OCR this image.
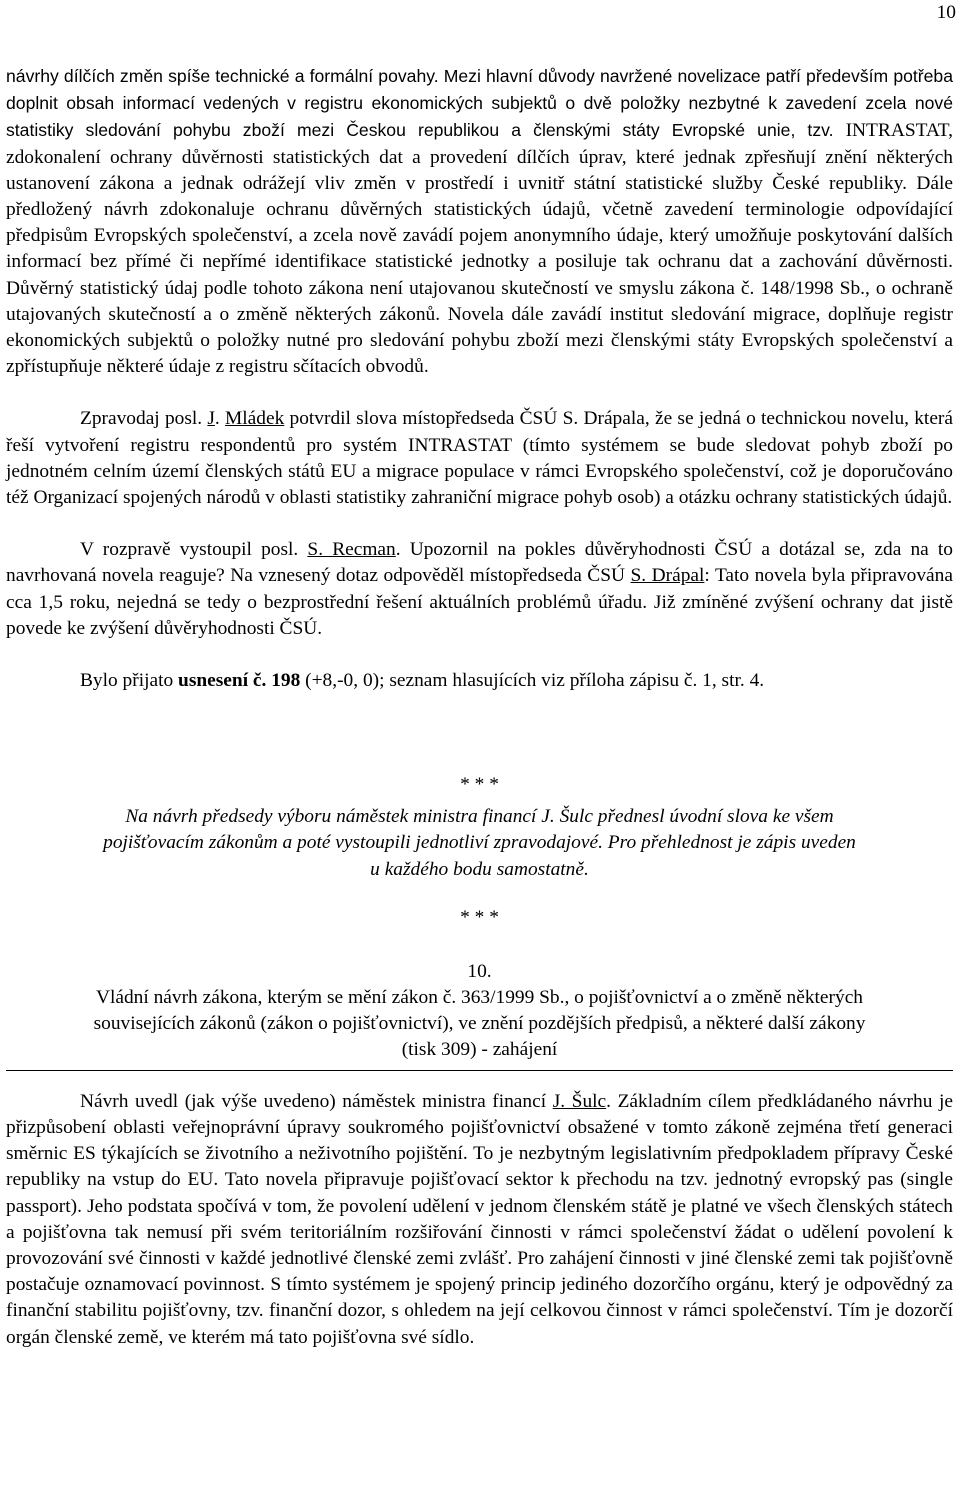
10

návrhy dílčích změn spíše technické a formální povahy. Mezi hlavní důvody navržené novelizace patří především potřeba doplnit obsah informací vedených v registru ekonomických subjektů o dvě položky nezbytné k zavedení zcela nové statistiky sledování pohybu zboží mezi Českou republikou a členskými státy Evropské unie, tzv. INTRASTAT, zdokonalení ochrany důvěrnosti statistických dat a provedení dílčích úprav, které jednak zpřesňují znění některých ustanovení zákona a jednak odrážejí vliv změn v prostředí i uvnitř státní statistické služby České republiky. Dále předložený návrh zdokonaluje ochranu důvěrných statistických údajů, včetně zavedení terminologie odpovídající předpisům Evropských společenství, a zcela nově zavádí pojem anonymního údaje, který umožňuje poskytování dalších informací bez přímé či nepřímé identifikace statistické jednotky a posiluje tak ochranu dat a zachování důvěrnosti. Důvěrný statistický údaj podle tohoto zákona není utajovanou skutečností ve smyslu zákona č. 148/1998 Sb., o ochraně utajovaných skutečností a o změně některých zákonů. Novela dále zavádí institut sledování migrace, doplňuje registr ekonomických subjektů o položky nutné pro sledování pohybu zboží mezi členskými státy Evropských společenství a zpřístupňuje některé údaje z registru sčítacích obvodů.

Zpravodaj posl. J. Mládek potvrdil slova místopředseda ČSÚ S. Drápala, že se jedná o technickou novelu, která řeší vytvoření registru respondentů pro systém INTRASTAT (tímto systémem se bude sledovat pohyb zboží po jednotném celním území členských států EU a migrace populace v rámci Evropského společenství, což je doporučováno též Organizací spojených národů v oblasti statistiky zahraniční migrace pohyb osob) a otázku ochrany statistických údajů.

V rozpravě vystoupil posl. S. Recman. Upozornil na pokles důvěryhodnosti ČSÚ a dotázal se, zda na to navrhovaná novela reaguje? Na vznesený dotaz odpověděl místopředseda ČSÚ S. Drápal: Tato novela byla připravována cca 1,5 roku, nejedná se tedy o bezprostřední řešení aktuálních problémů úřadu. Již zmíněné zvýšení ochrany dat jistě povede ke zvýšení důvěryhodnosti ČSÚ.

Bylo přijato usnesení č. 198 (+8,-0, 0); seznam hlasujících viz příloha zápisu č. 1, str. 4.

* * *

Na návrh předsedy výboru náměstek ministra financí J. Šulc přednesl úvodní slova ke všem

pojišťovacím zákonům a poté vystoupili jednotliví zpravodajové. Pro přehlednost je zápis uveden

u každého bodu samostatně.

* * *

10.

Vládní návrh zákona, kterým se mění zákon č. 363/1999 Sb., o pojišťovnictví a o změně některých

souvisejících zákonů (zákon o pojišťovnictví), ve znění pozdějších předpisů, a některé další zákony

(tisk 309) - zahájení

Návrh uvedl (jak výše uvedeno) náměstek ministra financí J. Šulc. Základním cílem předkládaného návrhu je přizpůsobení oblasti veřejnoprávní úpravy soukromého pojišťovnictví obsažené v tomto zákoně zejména třetí generaci směrnic ES týkajících se životního a neživotního pojištění. To je nezbytným legislativním předpokladem přípravy České republiky na vstup do EU. Tato novela připravuje pojišťovací sektor k přechodu na tzv. jednotný evropský pas (single passport). Jeho podstata spočívá v tom, že povolení udělení v jednom členském státě je platné ve všech členských státech a pojišťovna tak nemusí při svém teritoriálním rozšiřování činnosti v rámci společenství žádat o udělení povolení k provozování své činnosti v každé jednotlivé členské zemi zvlášť. Pro zahájení činnosti v jiné členské zemi tak pojišťovně postačuje oznamovací povinnost. S tímto systémem je spojený princip jediného dozorčího orgánu, který je odpovědný za finanční stabilitu pojišťovny, tzv. finanční dozor, s ohledem na její celkovou činnost v rámci společenství. Tím je dozorčí orgán členské země, ve kterém má tato pojišťovna své sídlo.
